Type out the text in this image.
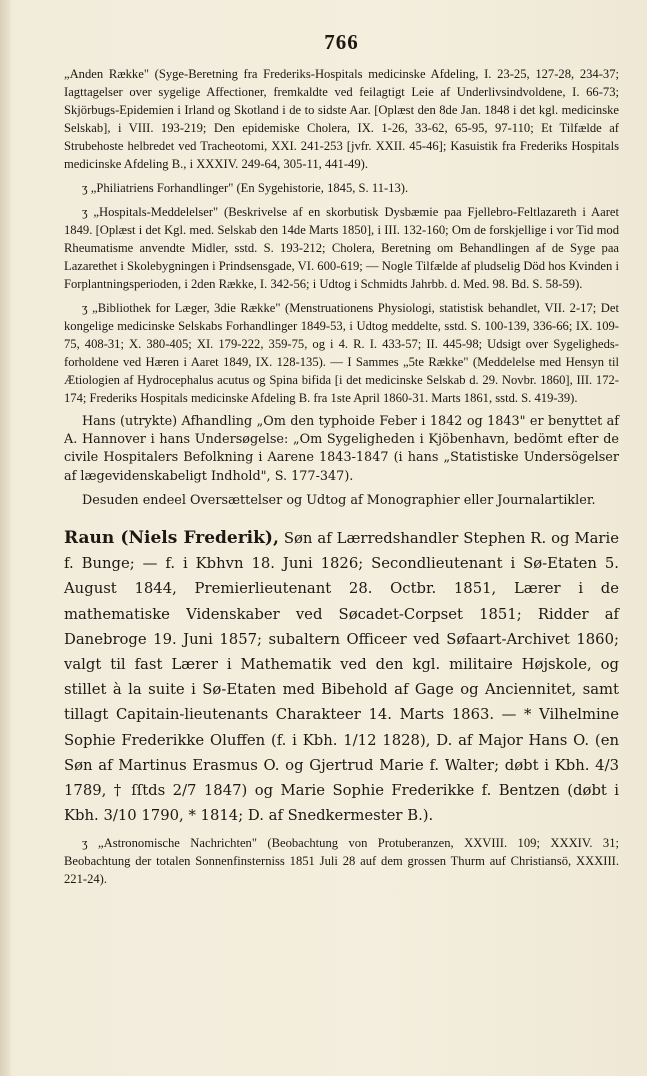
766

„Anden Række" (Syge-Beretning fra Frederiks-Hospitals medicinske Afdeling, I. 23-25, 127-28, 234-37; Iagttagelser over sygelige Affectioner, fremkaldte ved feilagtigt Leie af Underlivsindvoldene, I. 66-73; Skjörbugs-Epidemien i Irland og Skotland i de to sidste Aar. [Oplæst den 8de Jan. 1848 i det kgl. medicinske Selskab], i VIII. 193-219; Den epidemiske Cholera, IX. 1-26, 33-62, 65-95, 97-110; Et Tilfælde af Strubehoste helbredet ved Tracheotomi, XXI. 241-253 [jvfr. XXII. 45-46]; Kasuistik fra Frederiks Hospitals medicinske Afdeling B., i XXXIV. 249-64, 305-11, 441-49).

ʒ „Philiatriens Forhandlinger" (En Sygehistorie, 1845, S. 11-13).

ʒ „Hospitals-Meddelelser" (Beskrivelse af en skorbutisk Dysbæmie paa Fjellebro-Feltlazareth i Aaret 1849. [Oplæst i det Kgl. med. Selskab den 14de Marts 1850], i III. 132-160; Om de forskjellige i vor Tid mod Rheumatisme anvendte Midler, sstd. S. 193-212; Cholera, Beretning om Behandlingen af de Syge paa Lazarethet i Skolebygningen i Prindsensgade, VI. 600-619; — Nogle Tilfælde af pludselig Död hos Kvinden i Forplantningsperioden, i 2den Række, I. 342-56; i Udtog i Schmidts Jahrbb. d. Med. 98. Bd. S. 58-59).

ʒ „Bibliothek for Læger, 3die Række" (Menstruationens Physiologi, statistisk behandlet, VII. 2-17; Det kongelige medicinske Selskabs Forhandlinger 1849-53, i Udtog meddelte, sstd. S. 100-139, 336-66; IX. 109-75, 408-31; X. 380-405; XI. 179-222, 359-75, og i 4. R. I. 433-57; II. 445-98; Udsigt over Sygeligheds-forholdene ved Hæren i Aaret 1849, IX. 128-135). — I Sammes „5te Række" (Meddelelse med Hensyn til Ætiologien af Hydrocephalus acutus og Spina bifida [i det medicinske Selskab d. 29. Novbr. 1860], III. 172-174; Frederiks Hospitals medicinske Afdeling B. fra 1ste April 1860-31. Marts 1861, sstd. S. 419-39).

Hans (utrykte) Afhandling „Om den typhoide Feber i 1842 og 1843" er benyttet af A. Hannover i hans Undersøgelse: „Om Sygeligheden i Kjöbenhavn, bedömt efter de civile Hospitalers Befolkning i Aarene 1843-1847 (i hans „Statistiske Undersögelser af lægevidenskabeligt Indhold", S. 177-347).

Desuden endeel Oversættelser og Udtog af Monographier eller Journalartikler.

Raun (Niels Frederik), Søn af Lærredshandler Stephen R. og Marie f. Bunge; — f. i Kbhvn 18. Juni 1826; Secondlieutenant i Sø-Etaten 5. August 1844, Premierlieutenant 28. Octbr. 1851, Lærer i de mathematiske Videnskaber ved Søcadet-Corpset 1851; Ridder af Danebroge 19. Juni 1857; subaltern Officeer ved Søfaart-Archivet 1860; valgt til fast Lærer i Mathematik ved den kgl. militaire Højskole, og stillet à la suite i Sø-Etaten med Bibehold af Gage og Anciennitet, samt tillagt Capitain-lieutenants Charakteer 14. Marts 1863. — * Vilhelmine Sophie Frederikke Oluffen (f. i Kbh. 1/12 1828), D. af Major Hans O. (en Søn af Martinus Erasmus O. og Gjertrud Marie f. Walter; døbt i Kbh. 4/3 1789, † ſſtds 2/7 1847) og Marie Sophie Frederikke f. Bentzen (døbt i Kbh. 3/10 1790, * 1814; D. af Snedkermester B.).

ʒ „Astronomische Nachrichten" (Beobachtung von Protuberanzen, XXVIII. 109; XXXIV. 31; Beobachtung der totalen Sonnenfinsterniss 1851 Juli 28 auf dem grossen Thurm auf Christiansö, XXXIII. 221-24).
